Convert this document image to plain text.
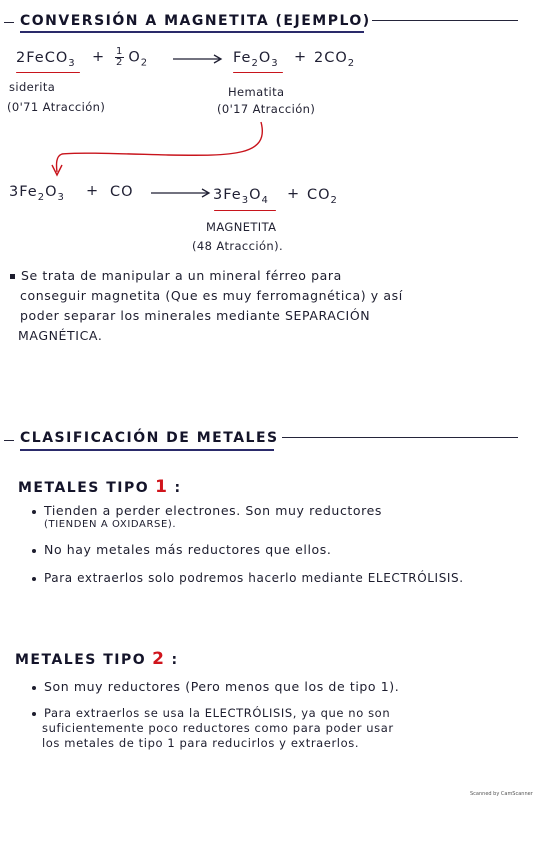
CONVERSIÓN A MAGNETITA (EJEMPLO)
2FeCO$_3$ + $\frac{1}{2} O_2$	$Fe_2O_3 + 2CO_2$
siderita
(0'71 Atracción)
Hematita
(0'17 Atracción)
$3Fe_2O_3$ + CO	$3Fe_3O_4 + CO_2$
MAGNETITA
(48 Atracción).
Se trata de manipular a un mineral férreo para
conseguir magnetita (Que es muy ferromagnética) y así
poder separar los minerales mediante SEPARACIÓN
MAGNÉTICA.
CLASIFICACIÓN DE METALES
METALES TIPO 1 :
Tienden a perder electrones. Son muy reductores
(TIENDEN A OXIDARSE).
No hay metales más reductores que ellos.
Para extraerlos solo podremos hacerlo mediante ELECTRÓLISIS.
METALES TIPO 2 :
Son muy reductores (Pero menos que los de tipo 1).
Para extraerlos se usa la ELECTRÓLISIS, ya que no son
suficientemente poco reductores como para poder usar
los metales de tipo 1 para reducirlos y extraerlos.
Scanned by CamScanner
